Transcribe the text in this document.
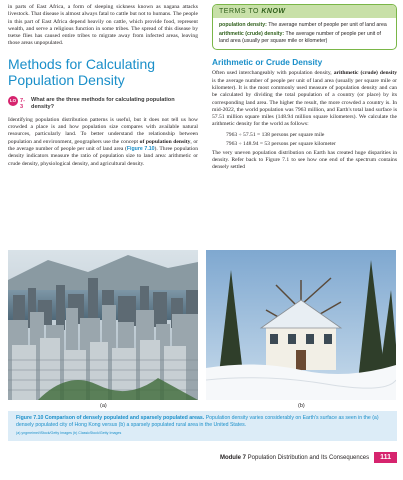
in parts of East Africa, a form of sleeping sickness known as nagana attacks livestock. That disease is almost always fatal to cattle but not to humans. The people in this part of East Africa depend heavily on cattle, which provide food, represent wealth, and serve a religious function in some tribes. The spread of this disease by tsetse flies has caused entire tribes to migrate away from infected areas, leaving those areas unpopulated.

Methods for Calculating Population Density
LO 7-3
What are the three methods for calculating population density?

Identifying population distribution patterns is useful, but it does not tell us how crowded a place is and how population size compares with available natural resources, particularly land. To better understand the relationship between population and environment, geographers use the concept of population density, or the average number of people per unit of land area (Figure 7.10). Three population density indicators measure the ratio of population size to land area: arithmetic or crude density, physiological density, and agricultural density.

TERMS TO KNOW

population density: The average number of people per unit of land area

arithmetic (crude) density: The average number of people per unit of land area (usually per square mile or kilometer)

Arithmetic or Crude Density

Often used interchangeably with population density, arithmetic (crude) density is the average number of people per unit of land area (usually per square mile or kilometer). It is the most commonly used measure of population density and can be calculated by dividing the total population of a country (or place) by its corresponding land area. The higher the result, the more crowded a country is. In mid-2022, the world population was 7963 million, and Earth's total land surface is 57.51 million square miles (148.94 million square kilometers). We calculate the arithmetic density for the world as follows:

7963 ÷ 57.51 = 138 persons per square mile

7963 ÷ 148.94 = 53 persons per square kilometer

The very uneven population distribution on Earth has created huge disparities in density. Refer back to Figure 7.1 to see how one end of the spectrum contains densely settled

(a)	(b)

Figure 7.10 Comparison of densely populated and sparsely populated areas. Population density varies considerably on Earth's surface as seen in the (a) densely populated city of Hong Kong versus (b) a sparsely populated rural area in the United States.

(a) yngmeimei/iStock/Getty Images (b) ClassicStock/Getty Images

Module 7 Population Distribution and Its Consequences	111
